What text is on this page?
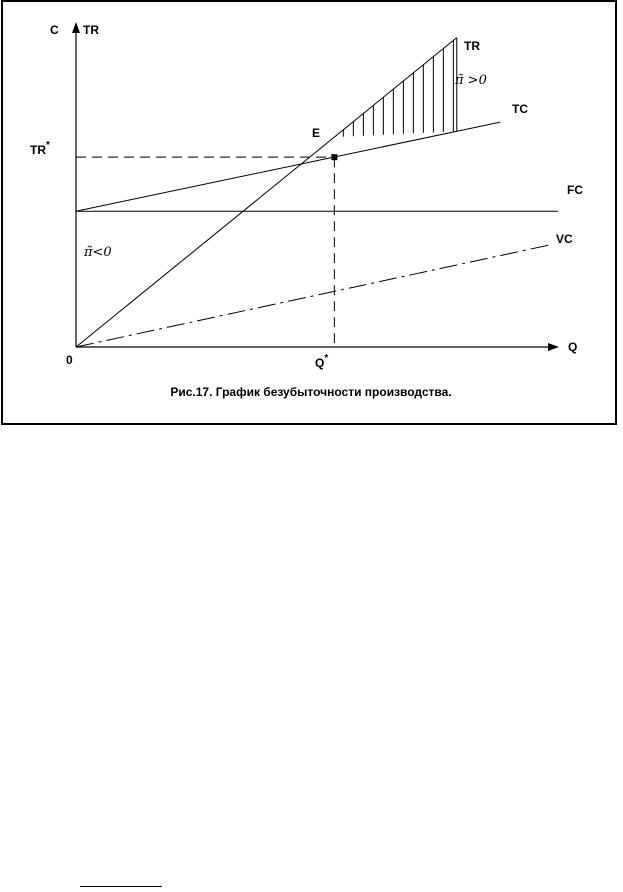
C TR
Q
0
TR*
Q*
E
TR
TC
FC
VC
π̃ >0
π̃<0
Рис.17. График безубыточности производства.
